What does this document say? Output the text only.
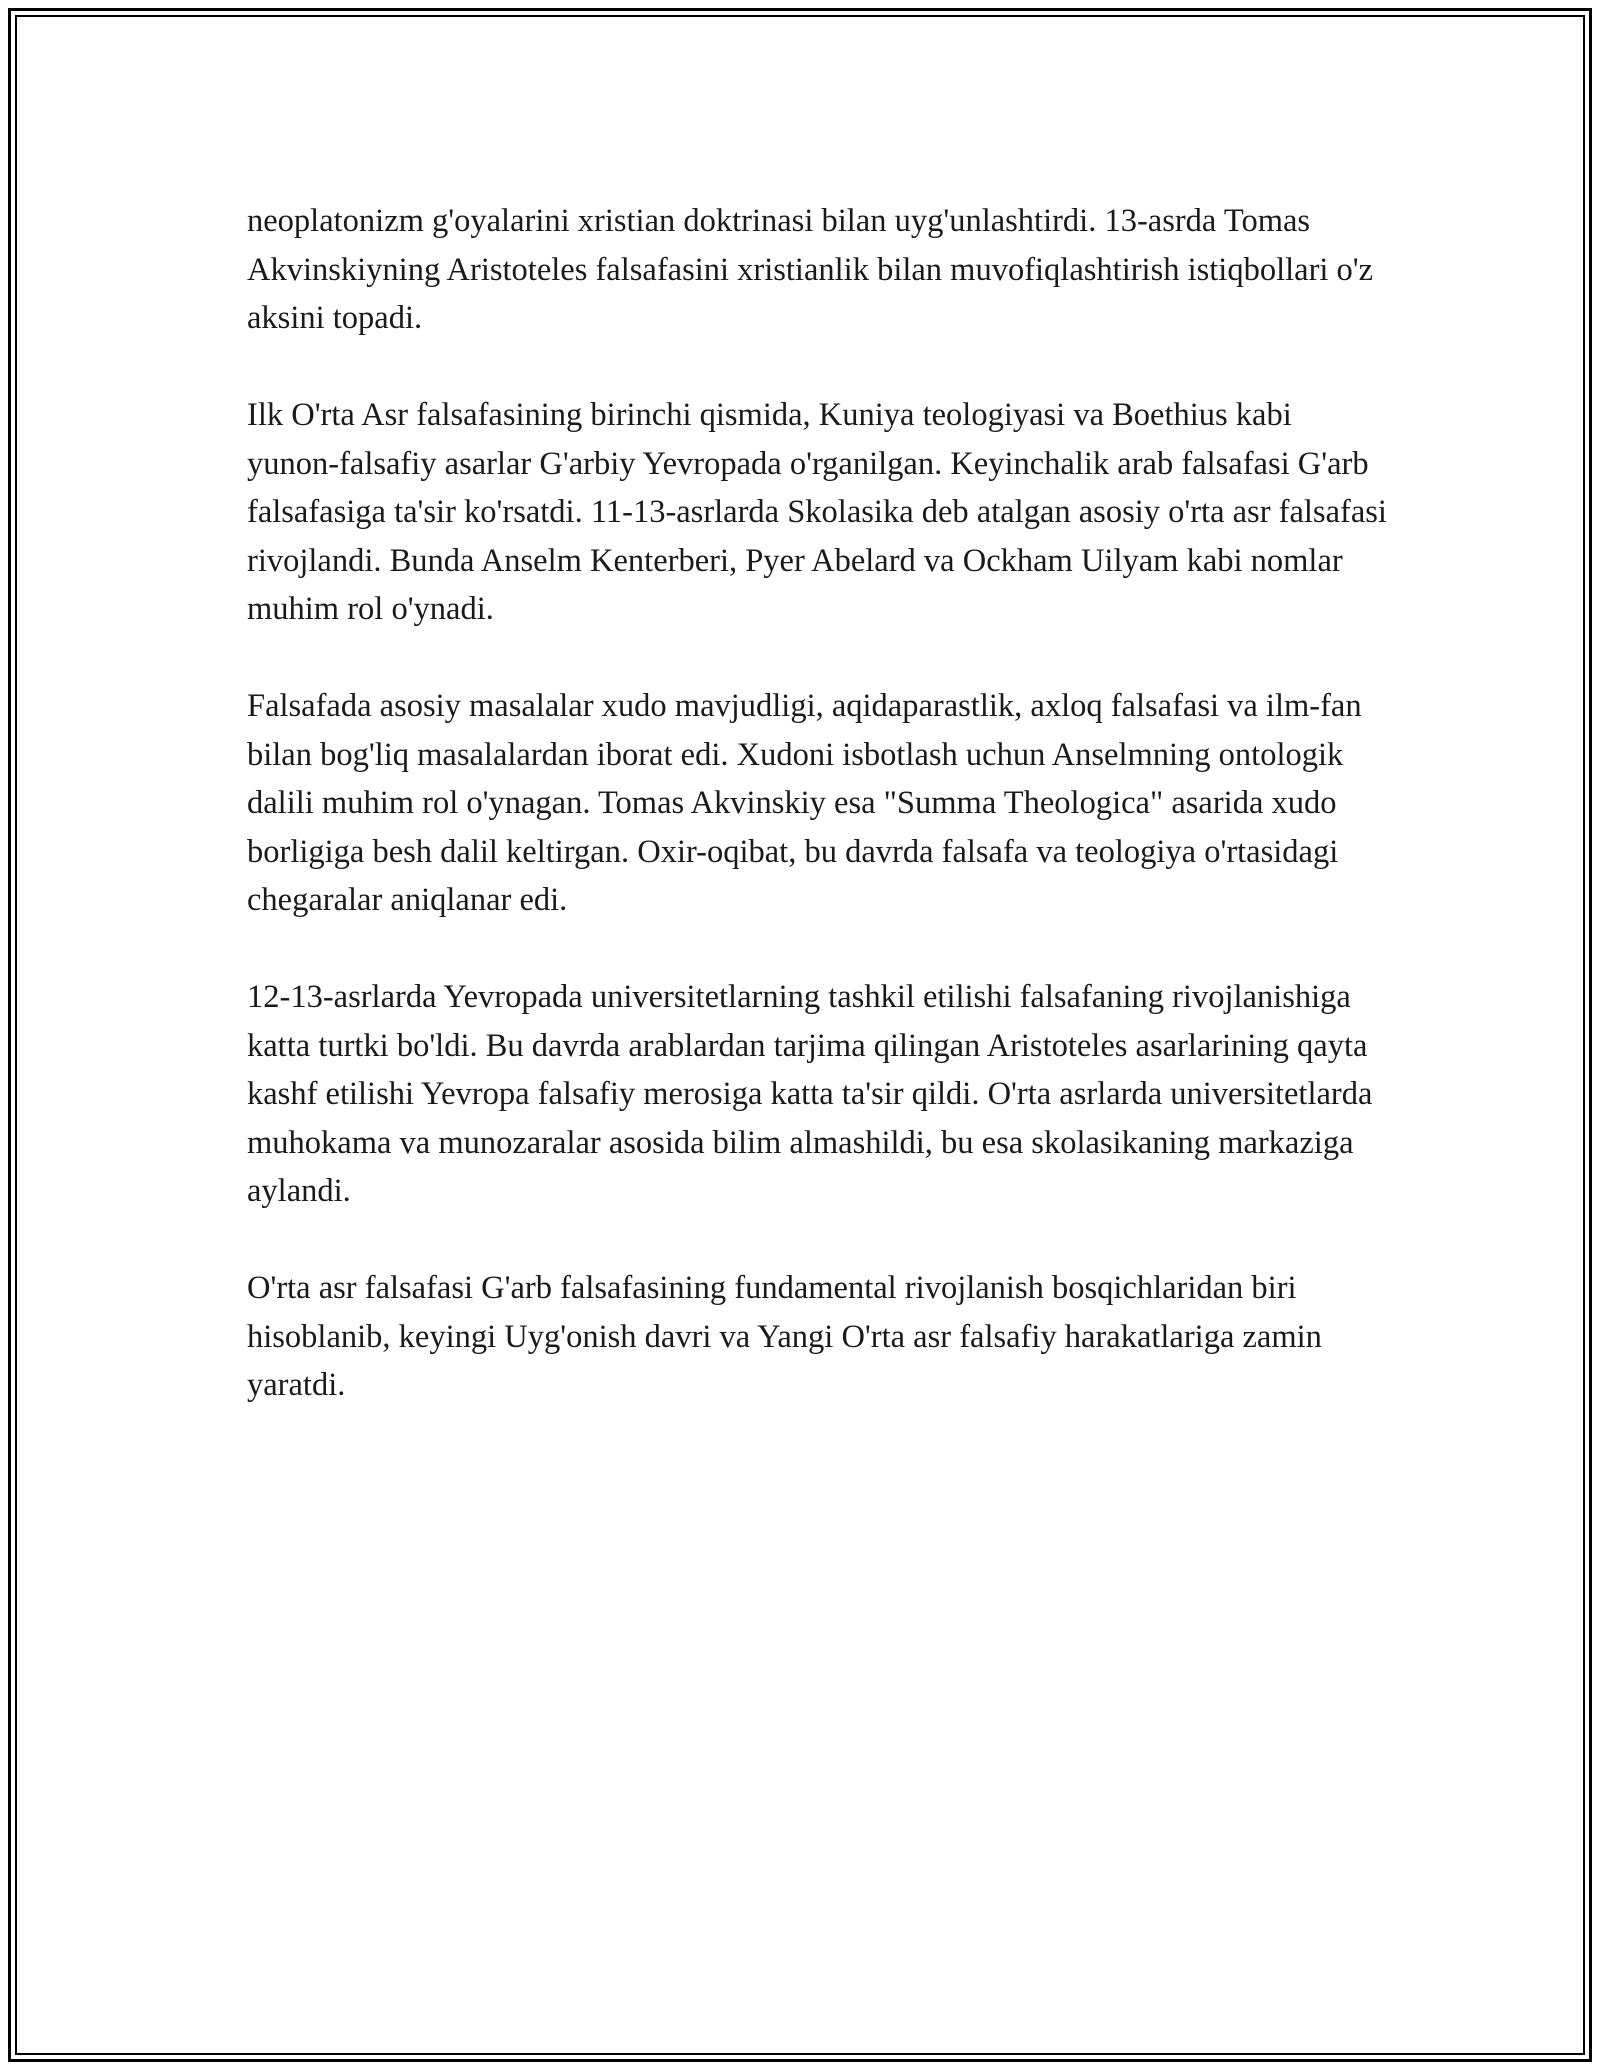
neoplatonizm g'oyalarini xristian doktrinasi bilan uyg'unlashtirdi. 13-asrda Tomas Akvinskiyning Aristoteles falsafasini xristianlik bilan muvofiqlashtirish istiqbollari o'z aksini topadi.

Ilk O'rta Asr falsafasining birinchi qismida, Kuniya teologiyasi va Boethius kabi yunon-falsafiy asarlar G'arbiy Yevropada o'rganilgan. Keyinchalik arab falsafasi G'arb falsafasiga ta'sir ko'rsatdi. 11-13-asrlarda Skolasika deb atalgan asosiy o'rta asr falsafasi rivojlandi. Bunda Anselm Kenterberi, Pyer Abelard va Ockham Uilyam kabi nomlar muhim rol o'ynadi.

Falsafada asosiy masalalar xudo mavjudligi, aqidaparastlik, axloq falsafasi va ilm-fan bilan bog'liq masalalardan iborat edi. Xudoni isbotlash uchun Anselmning ontologik dalili muhim rol o'ynagan. Tomas Akvinskiy esa "Summa Theologica" asarida xudo borligiga besh dalil keltirgan. Oxir-oqibat, bu davrda falsafa va teologiya o'rtasidagi chegaralar aniqlanar edi.

12-13-asrlarda Yevropada universitetlarning tashkil etilishi falsafaning rivojlanishiga katta turtki bo'ldi. Bu davrda arablardan tarjima qilingan Aristoteles asarlarining qayta kashf etilishi Yevropa falsafiy merosiga katta ta'sir qildi. O'rta asrlarda universitetlarda muhokama va munozaralar asosida bilim almashildi, bu esa skolasikaning markaziga aylandi.

O'rta asr falsafasi G'arb falsafasining fundamental rivojlanish bosqichlaridan biri hisoblanib, keyingi Uyg'onish davri va Yangi O'rta asr falsafiy harakatlariga zamin yaratdi.
